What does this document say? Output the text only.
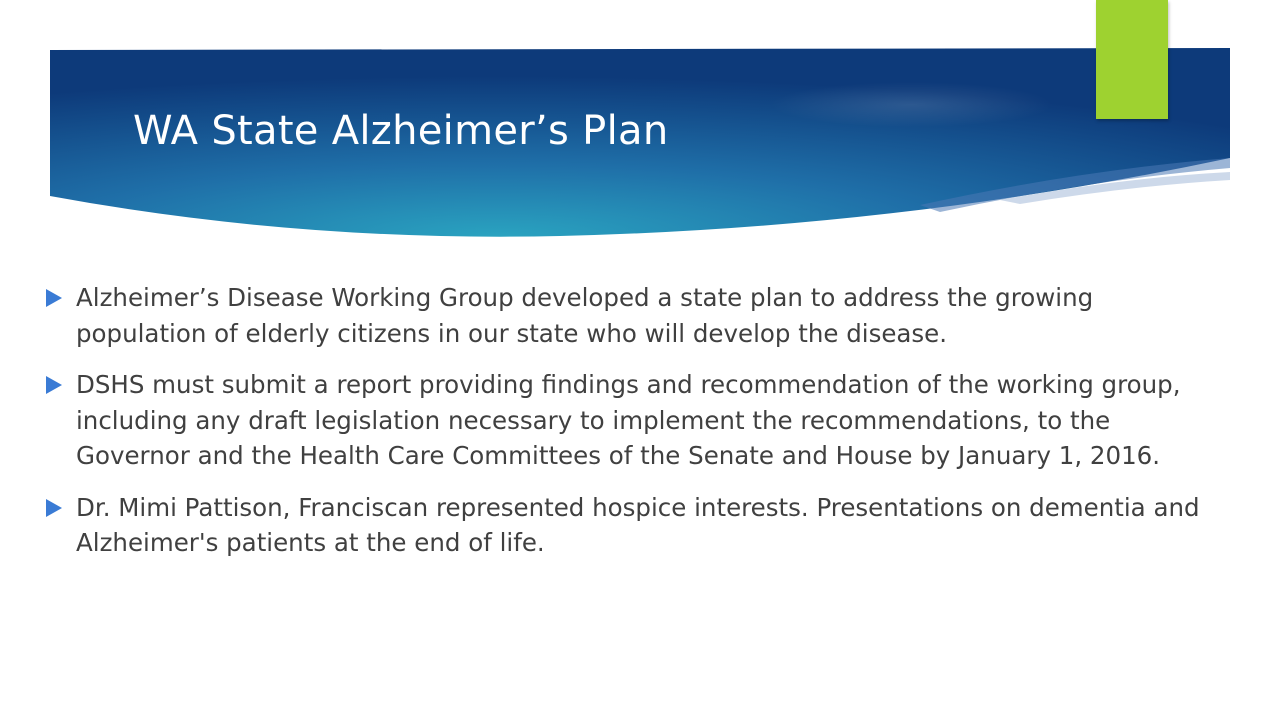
WA State Alzheimer’s Plan
Alzheimer’s Disease Working Group developed a state plan to address the growing population of elderly citizens in our state who will develop the disease.
DSHS must submit a report providing findings and recommendation of the working group, including any draft legislation necessary to implement the recommendations, to the Governor and the Health Care Committees of the Senate and House by January 1, 2016.
Dr. Mimi Pattison, Franciscan represented hospice interests. Presentations on dementia and Alzheimer's patients at the end of life.
